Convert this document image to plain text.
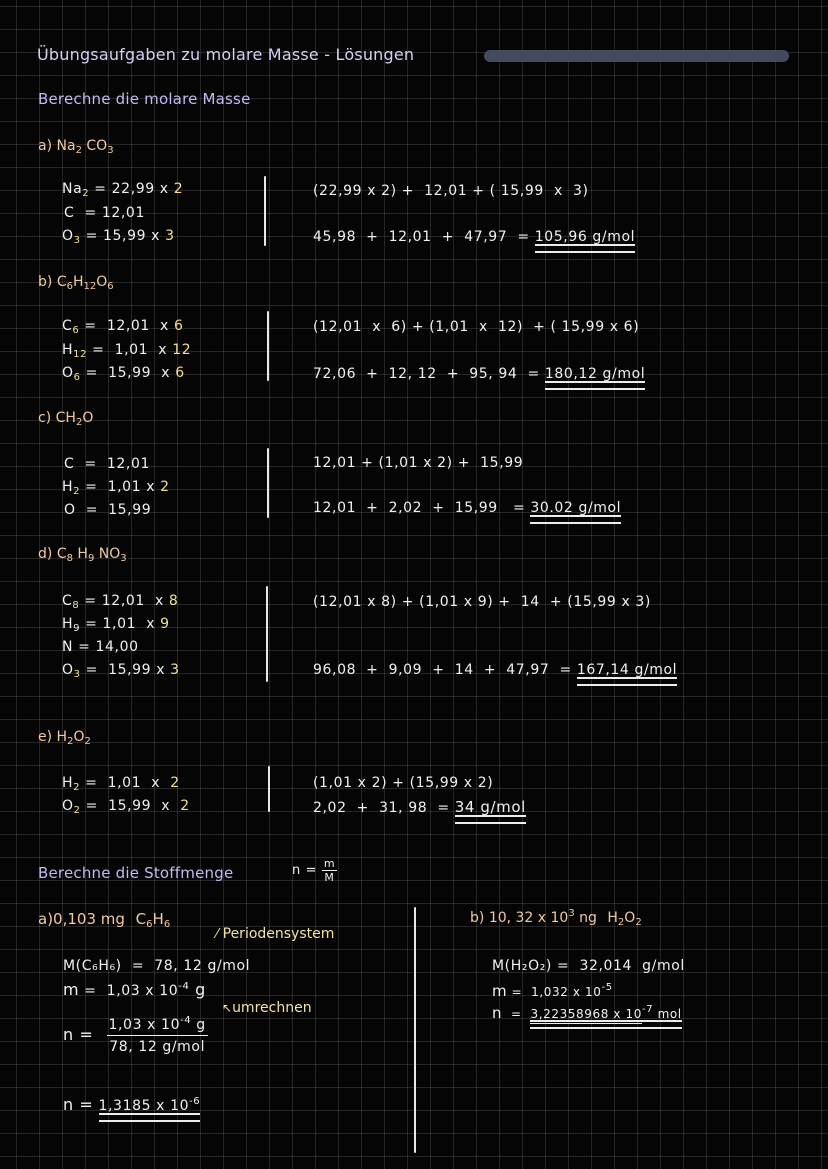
Übungsaufgaben zu molare Masse - Lösungen
Berechne die molare Masse
a) $Na_2$ $CO_3$
$Na_2 = 22,99$ x 2
C  = 12,01
$O_3 = 15,99$ x 3
(22,99 x 2) +  12,01 + ( 15,99  x  3)
45,98  +  12,01  +  47,97  = 105,96 g/mol
b) $C_6H_{12}O_6$
$C_6 = 12,01$  x 6
$H_{12} = 1,01$  x 12
$O_6 = 15,99$  x 6
(12,01  x  6) + (1,01  x  12)  + ( 15,99 x 6)
72,06  +  12, 12  +  95, 94  = 180,12 g/mol
c) $CH_2O$
C  =  12,01
$H_2 = 1,01$ x 2
O  =  15,99
12,01 + (1,01 x 2) +  15,99
12,01  +  2,02  +  15,99   = 30.02 g/mol
d) $C_8$ $H_9$ $NO_3$
$C_8 = 12,01$  x 8
$H_9 = 1,01$  x 9
N = 14,00
$O_3 = 15,99$ x 3
(12,01 x 8) + (1,01 x 9) +  14  + (15,99 x 3)
96,08  +  9,09  +  14  +  47,97  = 167,14 g/mol
e) $H_2O_2$
$H_2 = 1,01$  x  2
$O_2 = 15,99$  x  2
(1,01 x 2) + (15,99 x 2)
2,02  +  31, 98  = 34 g/mol
Berechne die Stoffmenge	$n = \frac{m}{M}$
a)0,103 mg $C_6H_6$
⁄ Periodensystem
M(C₆H₆) =  78, 12 g/mol
m =  1,03 x $10^{-4}$ g
↖umrechnen
$n = \frac{1,03 x 10^{-4} g}{\text{78, 12 g/mol}}$
n = 1,3185 x $10^{-6}$
b) 10, 32 x $10^3$ ng $H_2O_2$
M(H₂O₂) =  32,014  g/mol
m =  1,032 x $10^{-5}$
n = 3,22358968 x $10^{-7}$ mol
